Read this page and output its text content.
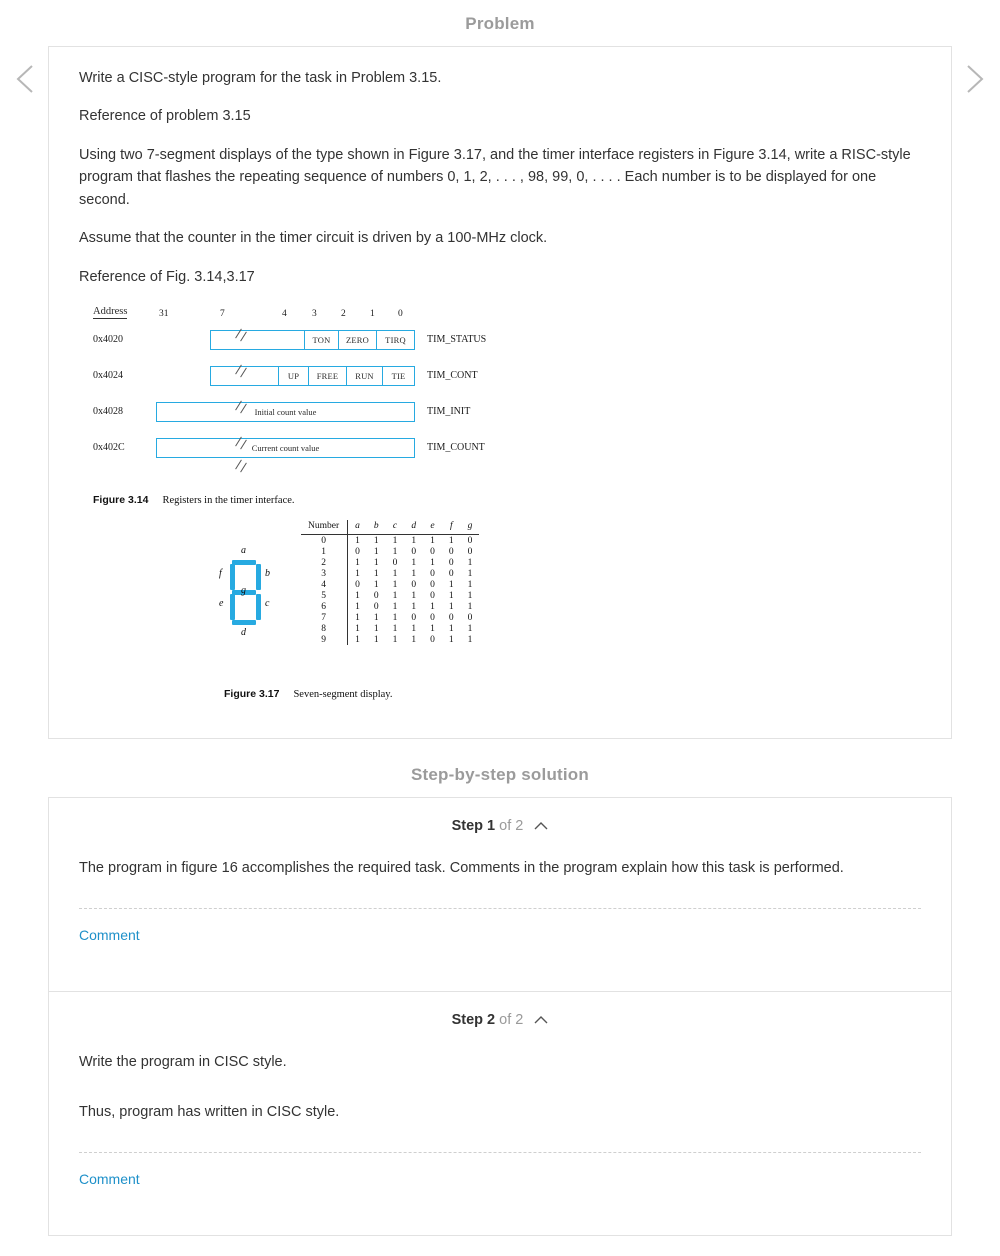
Problem

Write a CISC-style program for the task in Problem 3.15.

Reference of problem 3.15

Using two 7-segment displays of the type shown in Figure 3.17, and the timer interface registers in Figure 3.14, write a RISC-style program that flashes the repeating sequence of numbers 0, 1, 2, . . . , 98, 99, 0, . . . . Each number is to be displayed for one second.

Assume that the counter in the timer circuit is driven by a 100-MHz clock.

Reference of Fig. 3.14,3.17

Address	31	7	4	3	2	1 0
0x4020	TON	ZERO	TIRQ	TIM_STATUS
0x4024	UP	FREE	RUN	TIE	TIM_CONT
0x4028	Initial count value	TIM_INIT
0x402C	Current count value	TIM_COUNT
Figure 3.14 Registers in the timer interface.
a
b
c
d
e
f
g
Number	a	b	c	d	e	f	g
0	1	1	1	1	1	1	0
1	0	1	1	0	0	0	0
2	1	1	0	1	1	0	1
3	1	1	1	1	0	0	1
4	0	1	1	0	0	1	1
5	1	0	1	1	0	1	1
6	1	0	1	1	1	1	1
7	1	1	1	0	0	0	0
8	1	1	1	1	1	1	1
9	1	1	1	1	0	1	1
Figure 3.17 Seven-segment display.
Step-by-step solution
Step 1 of 2

The program in figure 16 accomplishes the required task. Comments in the program explain how this task is performed.

Comment
Step 2 of 2

Write the program in CISC style.

Thus, program has written in CISC style.

Comment
